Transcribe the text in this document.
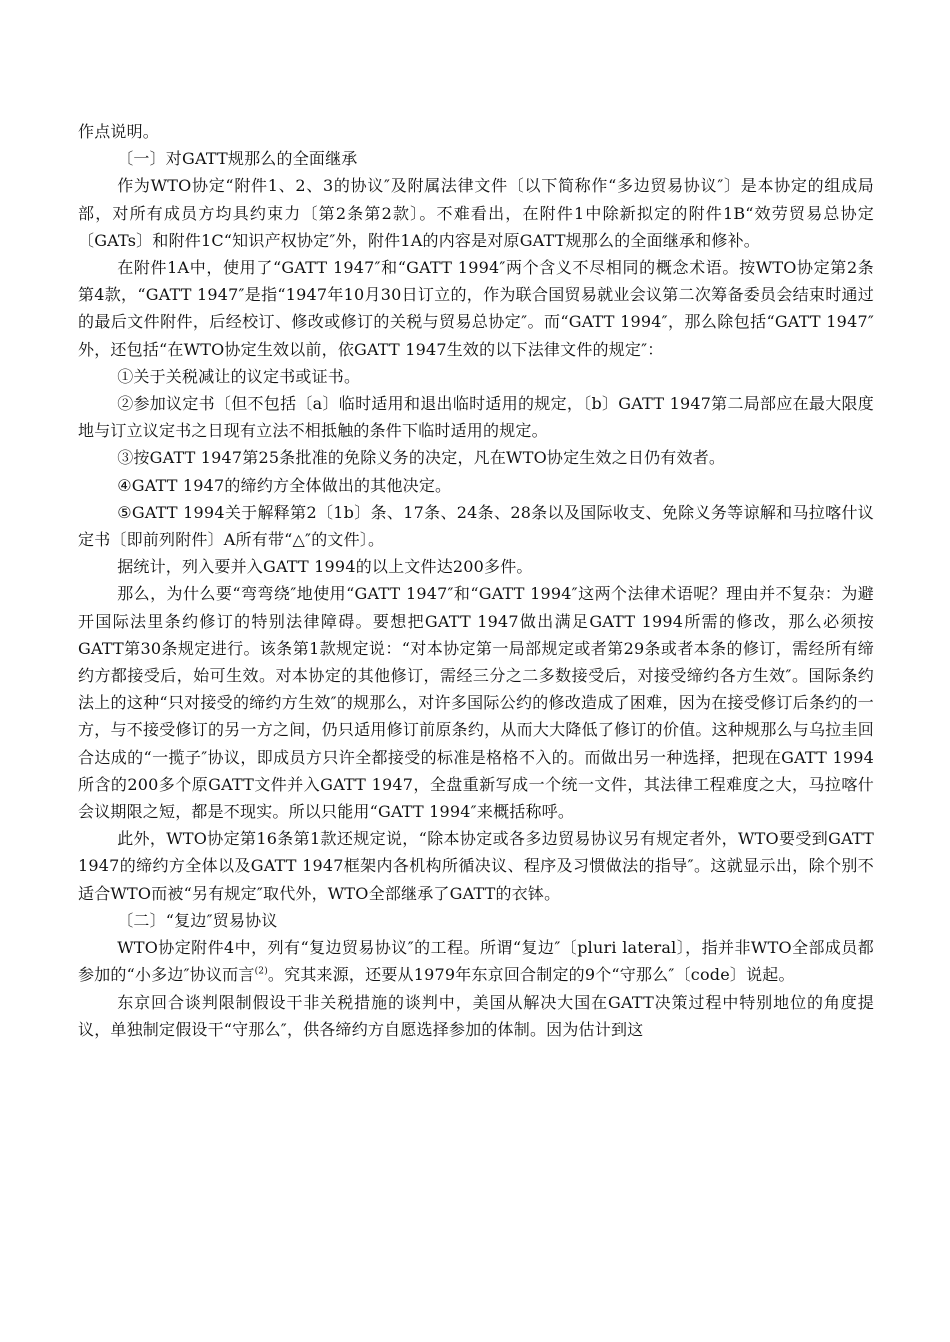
作点说明。

〔一〕对GATT规那么的全面继承

作为WTO协定“附件1、2、3的协议″及附属法律文件〔以下简称作“多边贸易协议″〕是本协定的组成局部，对所有成员方均具约束力〔第2条第2款〕。不难看出，在附件1中除新拟定的附件1B“效劳贸易总协定〔GATs〕和附件1C“知识产权协定″外，附件1A的内容是对原GATT规那么的全面继承和修补。

在附件1A中，使用了“GATT 1947″和“GATT 1994″两个含义不尽相同的概念术语。按WTO协定第2条第4款，“GATT 1947″是指“1947年10月30日订立的，作为联合国贸易就业会议第二次筹备委员会结束时通过的最后文件附件，后经校订、修改或修订的关税与贸易总协定″。而“GATT 1994″，那么除包括“GATT 1947″外，还包括“在WTO协定生效以前，依GATT 1947生效的以下法律文件的规定″：

①关于关税减让的议定书或证书。

②参加议定书〔但不包括〔a〕临时适用和退出临时适用的规定，〔b〕GATT 1947第二局部应在最大限度地与订立议定书之日现有立法不相抵触的条件下临时适用的规定。

③按GATT 1947第25条批准的免除义务的决定，凡在WTO协定生效之日仍有效者。

④GATT 1947的缔约方全体做出的其他决定。

⑤GATT 1994关于解释第2〔1b〕条、17条、24条、28条以及国际收支、免除义务等谅解和马拉喀什议定书〔即前列附件〕A所有带“△″的文件〕。

据统计，列入要并入GATT 1994的以上文件达200多件。

那么，为什么要“弯弯绕″地使用“GATT 1947″和“GATT 1994″这两个法律术语呢？理由并不复杂：为避开国际法里条约修订的特别法律障碍。要想把GATT 1947做出满足GATT 1994所需的修改，那么必须按GATT第30条规定进行。该条第1款规定说：“对本协定第一局部规定或者第29条或者本条的修订，需经所有缔约方都接受后，始可生效。对本协定的其他修订，需经三分之二多数接受后，对接受缔约各方生效″。国际条约法上的这种“只对接受的缔约方生效″的规那么，对许多国际公约的修改造成了困难，因为在接受修订后条约的一方，与不接受修订的另一方之间，仍只适用修订前原条约，从而大大降低了修订的价值。这种规那么与乌拉圭回合达成的“一揽子″协议，即成员方只许全都接受的标准是格格不入的。而做出另一种选择，把现在GATT 1994所含的200多个原GATT文件并入GATT 1947，全盘重新写成一个统一文件，其法律工程难度之大，马拉喀什会议期限之短，都是不现实。所以只能用“GATT 1994″来概括称呼。

此外，WTO协定第16条第1款还规定说，“除本协定或各多边贸易协议另有规定者外，WTO要受到GATT 1947的缔约方全体以及GATT 1947框架内各机构所循决议、程序及习惯做法的指导″。这就显示出，除个别不适合WTO而被“另有规定″取代外，WTO全部继承了GATT的衣钵。

〔二〕“复边″贸易协议

WTO协定附件4中，列有“复边贸易协议″的工程。所谓“复边″〔pluri lateral〕，指并非WTO全部成员都参加的“小多边″协议而言$^{(2)}$。究其来源，还要从1979年东京回合制定的9个“守那么″〔code〕说起。

东京回合谈判限制假设干非关税措施的谈判中，美国从解决大国在GATT决策过程中特别地位的角度提议，单独制定假设干“守那么″，供各缔约方自愿选择参加的体制。因为估计到这
